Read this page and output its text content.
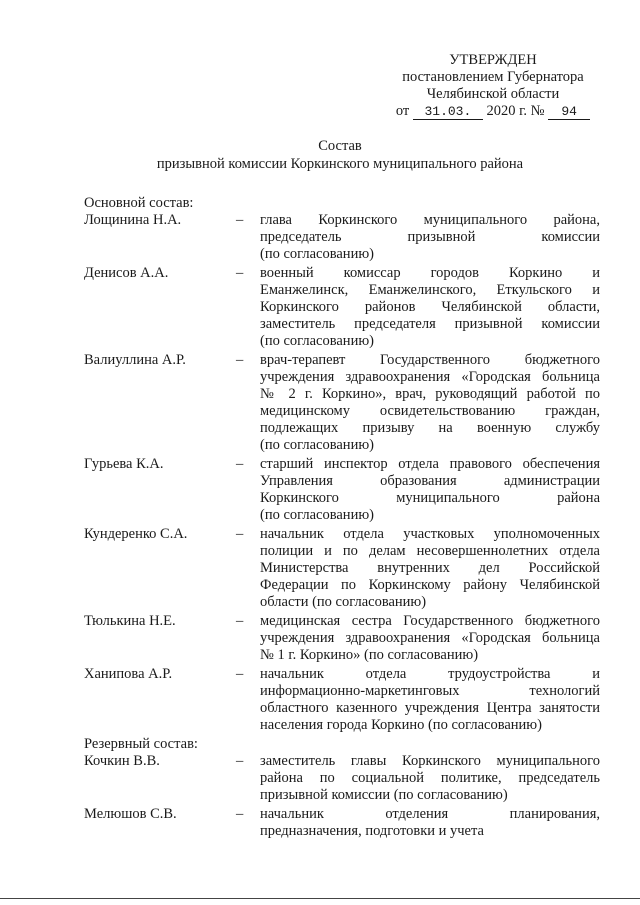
УТВЕРЖДЕН
постановлением Губернатора
Челябинской области
от 31.03. 2020 г. № 94
Состав
призывной комиссии Коркинского муниципального района
Основной состав:
Лощинина Н.А.	–	глава Коркинского муниципального района,
председатель призывной комиссии
(по согласованию)
Денисов А.А.	–	военный комиссар городов Коркино и
Еманжелинск, Еманжелинского, Еткульского и
Коркинского районов Челябинской области,
заместитель председателя призывной комиссии
(по согласованию)
Валиуллина А.Р.	–	врач-терапевт Государственного бюджетного
учреждения здравоохранения «Городская больница
№ 2 г. Коркино», врач, руководящий работой по
медицинскому освидетельствованию граждан,
подлежащих призыву на военную службу
(по согласованию)
Гурьева К.А.	–	старший инспектор отдела правового обеспечения
Управления образования администрации
Коркинского муниципального района
(по согласованию)
Кундеренко С.А.	–	начальник отдела участковых уполномоченных
полиции и по делам несовершеннолетних отдела
Министерства внутренних дел Российской
Федерации по Коркинскому району Челябинской
области (по согласованию)
Тюлькина Н.Е.	–	медицинская сестра Государственного бюджетного
учреждения здравоохранения «Городская больница
№ 1 г. Коркино» (по согласованию)
Ханипова А.Р.	–	начальник отдела трудоустройства и
информационно-маркетинговых технологий
областного казенного учреждения Центра занятости
населения города Коркино (по согласованию)
Резервный состав:
Кочкин В.В.	–	заместитель главы Коркинского муниципального
района по социальной политике, председатель
призывной комиссии (по согласованию)
Мелюшов С.В.	–	начальник отделения планирования,
предназначения, подготовки и учета
